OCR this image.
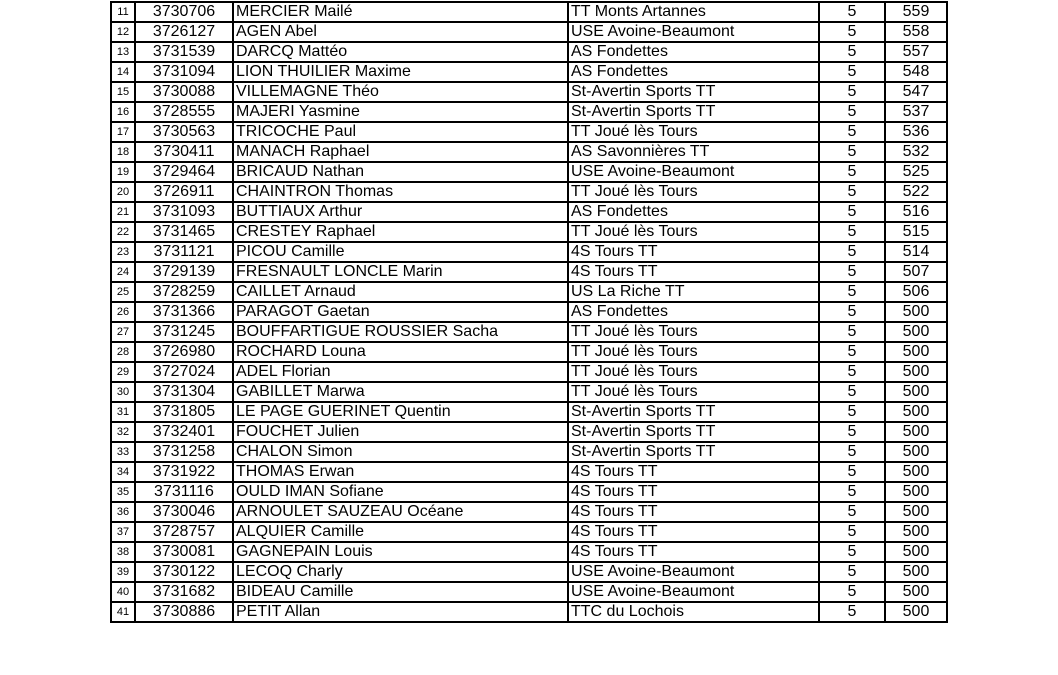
11	3730706	MERCIER Mailé	TT Monts Artannes	5	559
12	3726127	AGEN Abel	USE Avoine-Beaumont	5	558
13	3731539	DARCQ Mattéo	AS Fondettes	5	557
14	3731094	LION THUILIER Maxime	AS Fondettes	5	548
15	3730088	VILLEMAGNE Théo	St-Avertin Sports TT	5	547
16	3728555	MAJERI Yasmine	St-Avertin Sports TT	5	537
17	3730563	TRICOCHE Paul	TT Joué lès Tours	5	536
18	3730411	MANACH Raphael	AS Savonnières TT	5	532
19	3729464	BRICAUD Nathan	USE Avoine-Beaumont	5	525
20	3726911	CHAINTRON Thomas	TT Joué lès Tours	5	522
21	3731093	BUTTIAUX Arthur	AS Fondettes	5	516
22	3731465	CRESTEY Raphael	TT Joué lès Tours	5	515
23	3731121	PICOU Camille	4S Tours TT	5	514
24	3729139	FRESNAULT LONCLE Marin	4S Tours TT	5	507
25	3728259	CAILLET Arnaud	US La Riche TT	5	506
26	3731366	PARAGOT Gaetan	AS Fondettes	5	500
27	3731245	BOUFFARTIGUE ROUSSIER Sacha	TT Joué lès Tours	5	500
28	3726980	ROCHARD Louna	TT Joué lès Tours	5	500
29	3727024	ADEL Florian	TT Joué lès Tours	5	500
30	3731304	GABILLET Marwa	TT Joué lès Tours	5	500
31	3731805	LE PAGE GUERINET Quentin	St-Avertin Sports TT	5	500
32	3732401	FOUCHET Julien	St-Avertin Sports TT	5	500
33	3731258	CHALON Simon	St-Avertin Sports TT	5	500
34	3731922	THOMAS Erwan	4S Tours TT	5	500
35	3731116	OULD IMAN Sofiane	4S Tours TT	5	500
36	3730046	ARNOULET SAUZEAU Océane	4S Tours TT	5	500
37	3728757	ALQUIER Camille	4S Tours TT	5	500
38	3730081	GAGNEPAIN Louis	4S Tours TT	5	500
39	3730122	LECOQ Charly	USE Avoine-Beaumont	5	500
40	3731682	BIDEAU Camille	USE Avoine-Beaumont	5	500
41	3730886	PETIT Allan	TTC du Lochois	5	500
